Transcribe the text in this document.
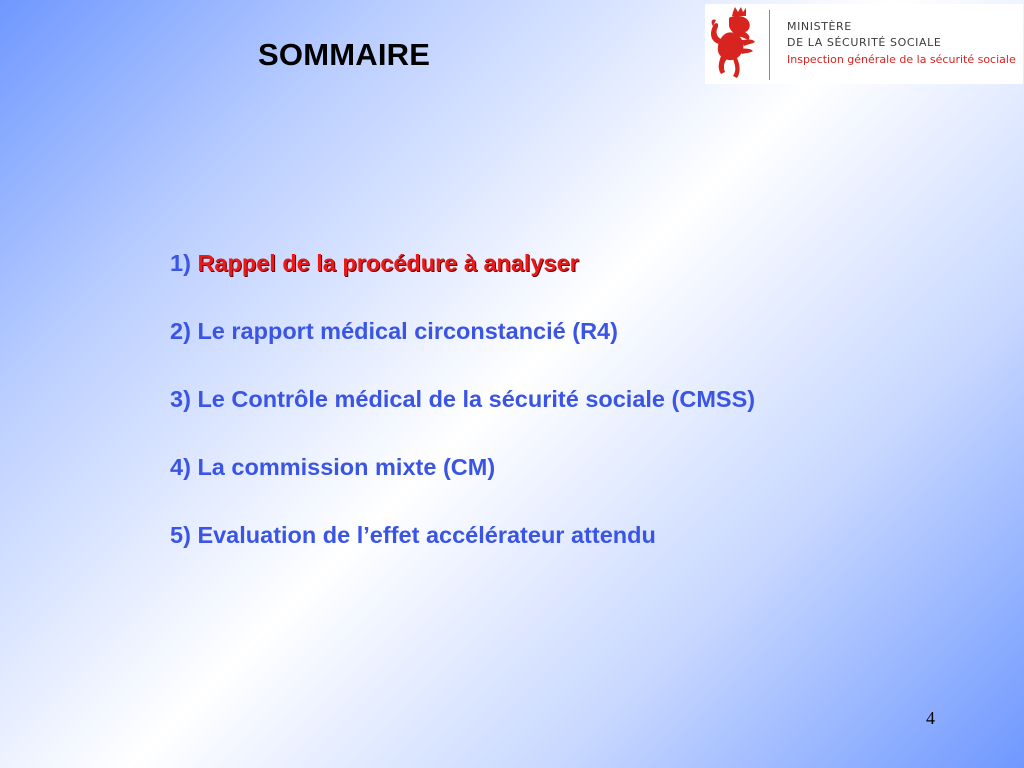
SOMMAIRE
MINISTÈRE
DE LA SÉCURITÉ SOCIALE
Inspection générale de la sécurité sociale
1) Rappel de la procédure à analyser
2) Le rapport médical circonstancié (R4)
3) Le Contrôle médical de la sécurité sociale (CMSS)
4) La commission mixte (CM)
5) Evaluation de l’effet accélérateur attendu
4
